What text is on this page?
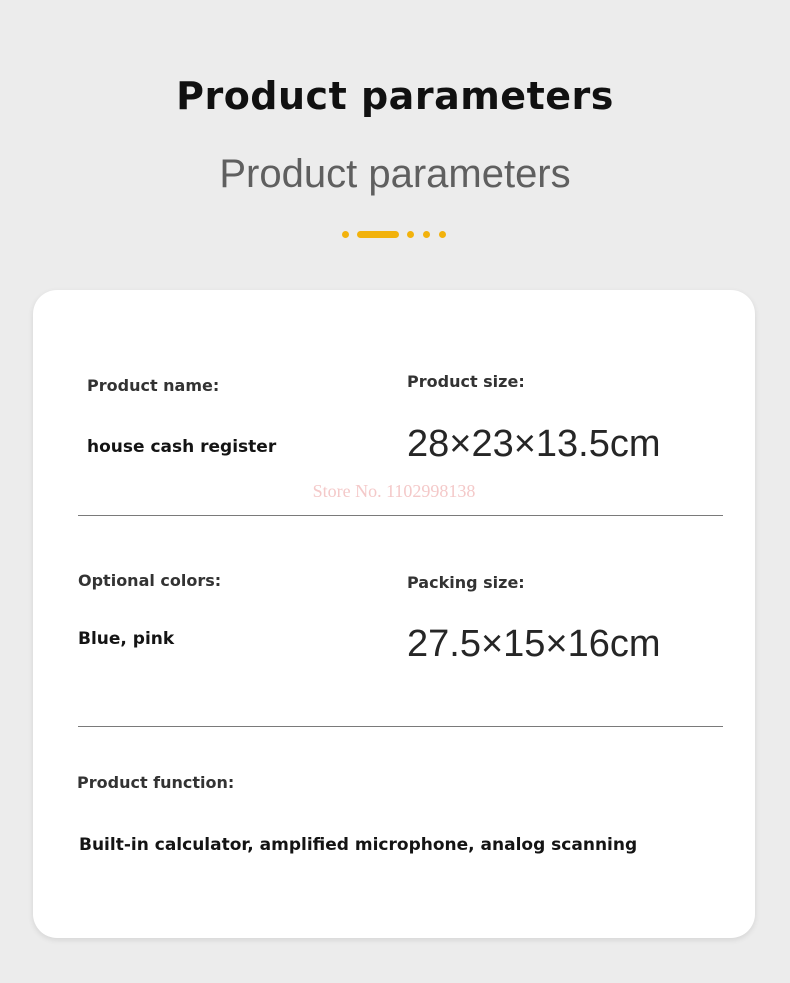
Product parameters
Product parameters
Product name:
house cash register
Product size:
28×23×13.5cm
Store No. 1102998138
Optional colors:
Blue, pink
Packing size:
27.5×15×16cm
Product function:
Built-in calculator, amplified microphone, analog scanning
